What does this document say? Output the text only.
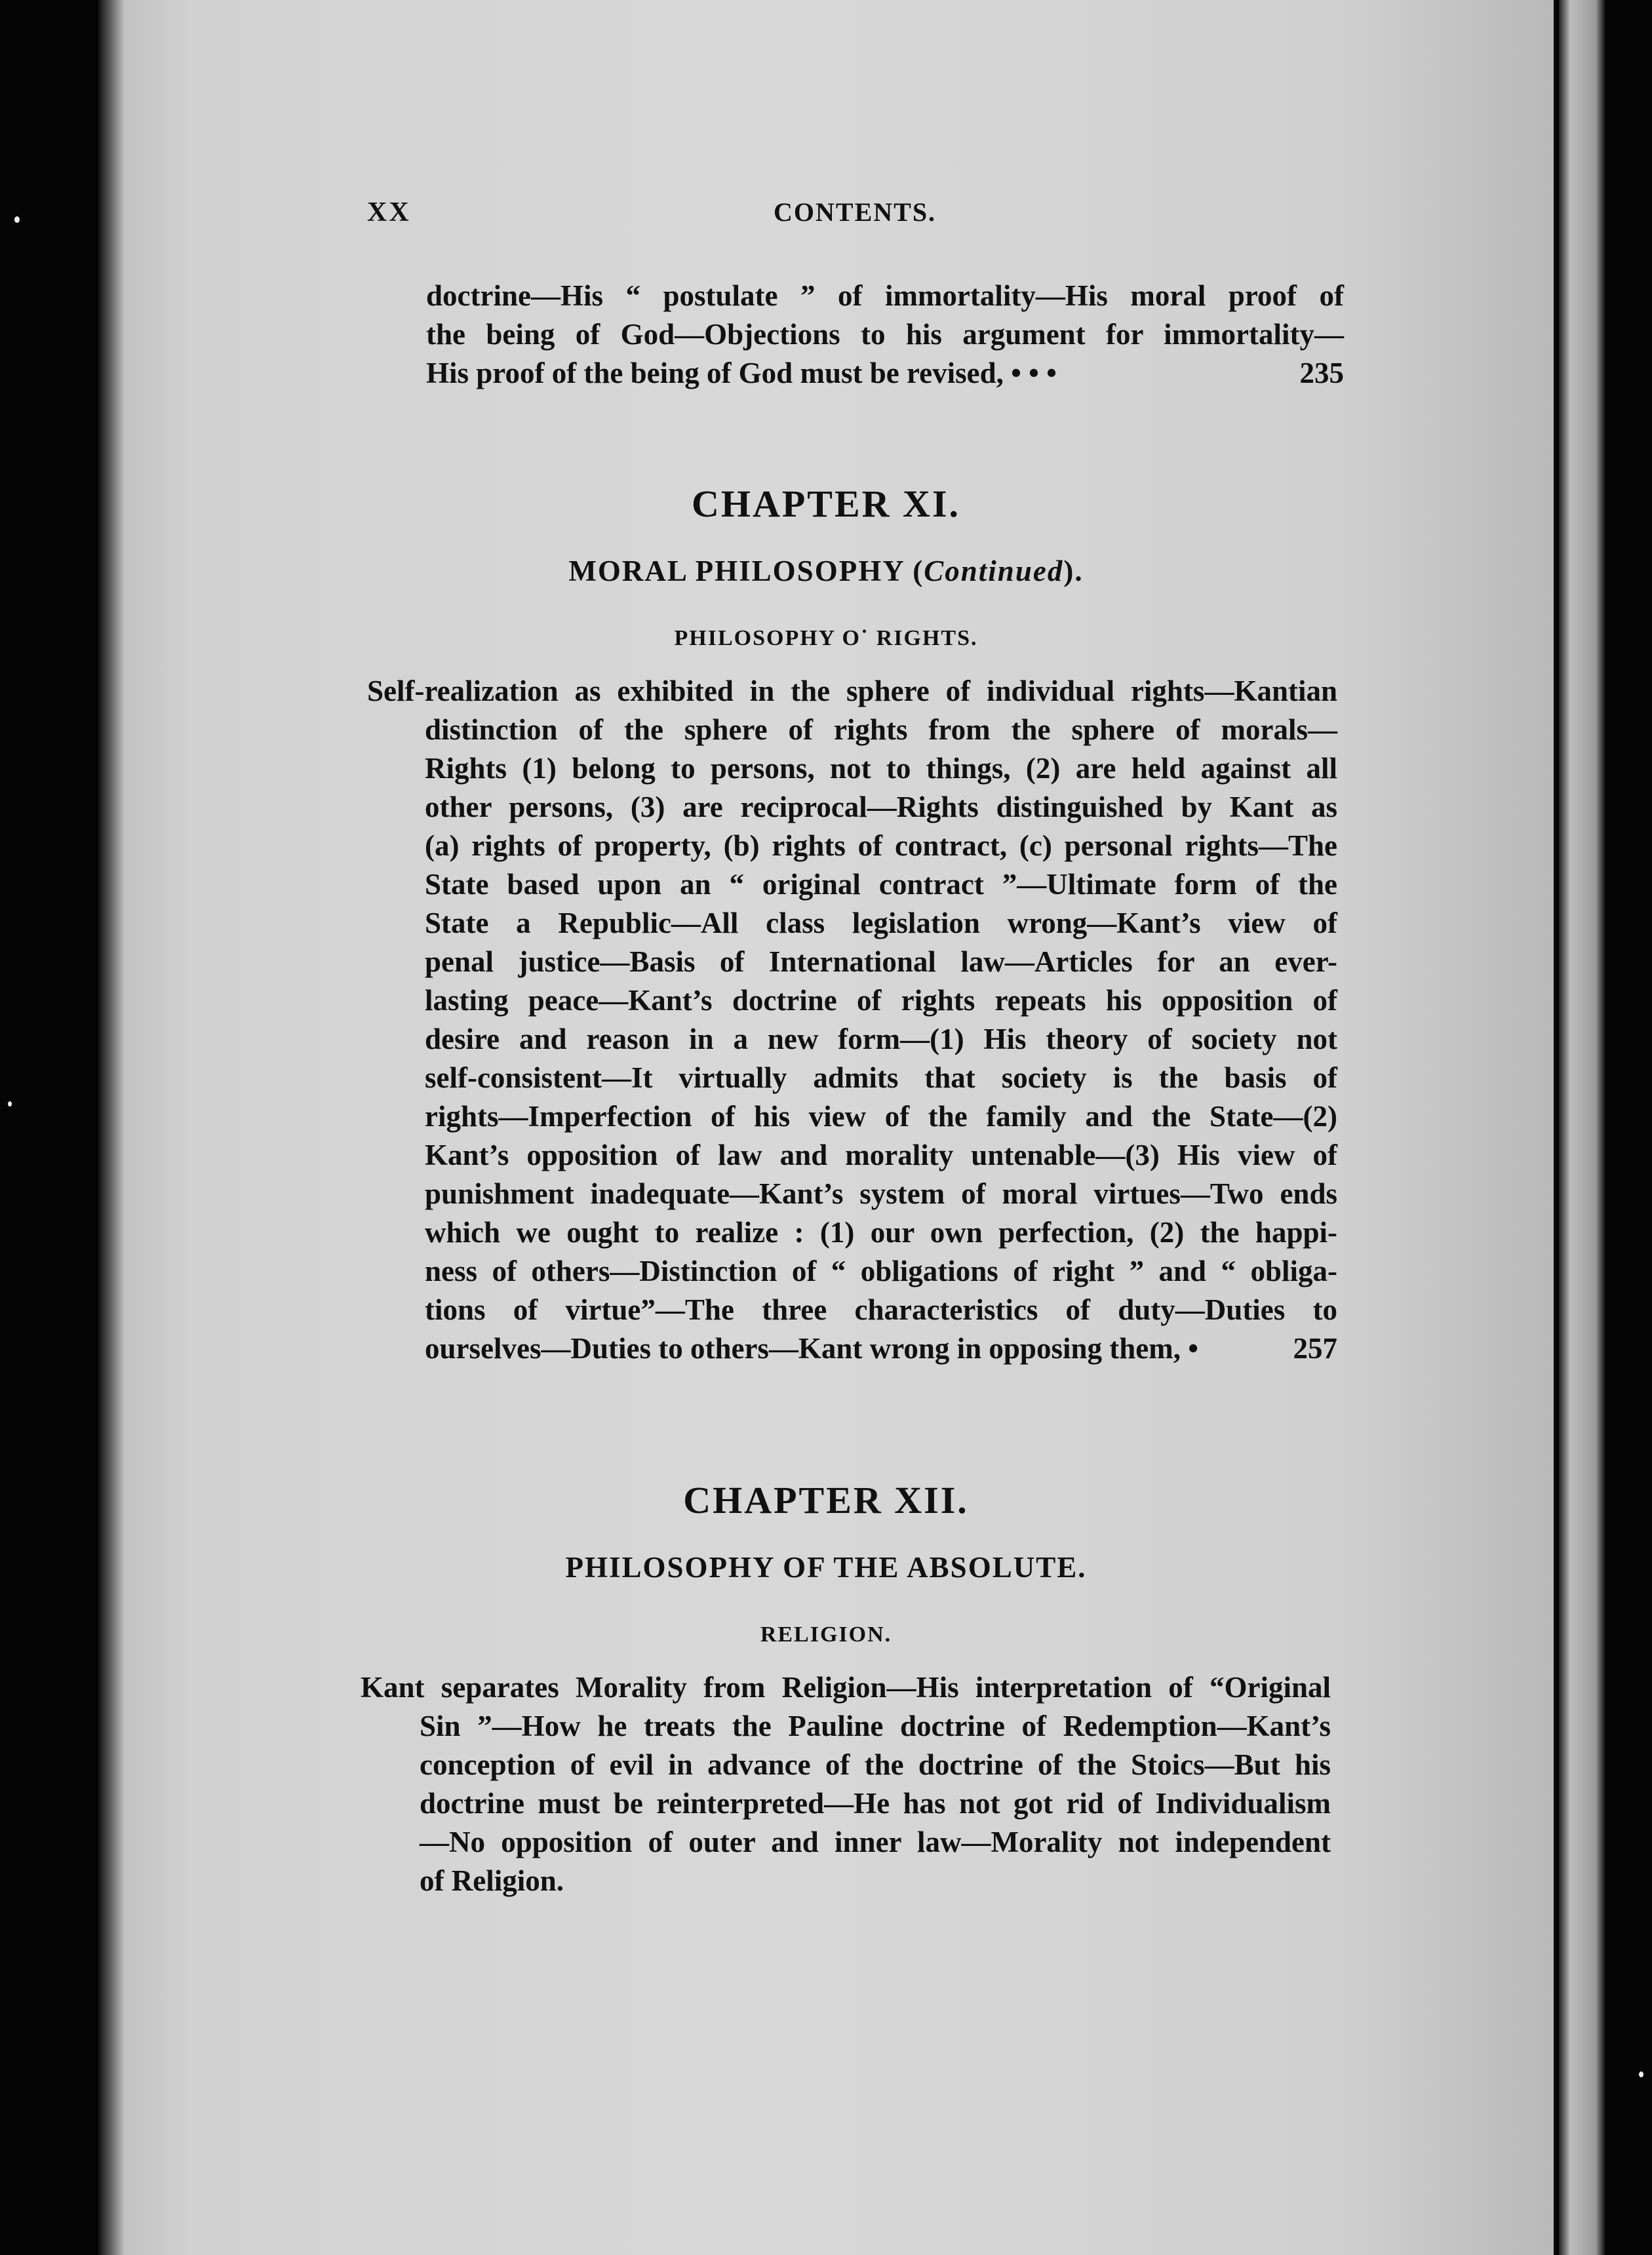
XX	CONTENTS.
doctrine—His “ postulate ” of immortality—His moral proof of
the being of God—Objections to his argument for immortality—
His proof of the being of God must be revised, • • •	235
CHAPTER XI.
MORAL PHILOSOPHY (Continued).
PHILOSOPHY O˙ RIGHTS.
Self-realization as exhibited in the sphere of individual rights—Kantian
distinction of the sphere of rights from the sphere of morals—
Rights (1) belong to persons, not to things, (2) are held against all
other persons, (3) are reciprocal—Rights distinguished by Kant as
(a) rights of property, (b) rights of contract, (c) personal rights—The
State based upon an “ original contract ”—Ultimate form of the
State a Republic—All class legislation wrong—Kant’s view of
penal justice—Basis of International law—Articles for an ever-
lasting peace—Kant’s doctrine of rights repeats his opposition of
desire and reason in a new form—(1) His theory of society not
self-consistent—It virtually admits that society is the basis of
rights—Imperfection of his view of the family and the State—(2)
Kant’s opposition of law and morality untenable—(3) His view of
punishment inadequate—Kant’s system of moral virtues—Two ends
which we ought to realize : (1) our own perfection, (2) the happi-
ness of others—Distinction of “ obligations of right ” and “ obliga-
tions of virtue”—The three characteristics of duty—Duties to
ourselves—Duties to others—Kant wrong in opposing them, •	257
CHAPTER XII.
PHILOSOPHY OF THE ABSOLUTE.
RELIGION.
Kant separates Morality from Religion—His interpretation of “Original
Sin ”—How he treats the Pauline doctrine of Redemption—Kant’s
conception of evil in advance of the doctrine of the Stoics—But his
doctrine must be reinterpreted—He has not got rid of Individualism
—No opposition of outer and inner law—Morality not independent
of Religion.
